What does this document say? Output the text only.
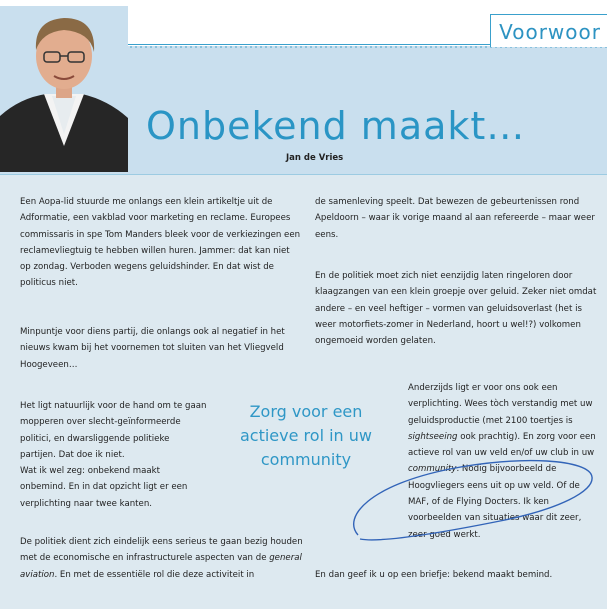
Voorwoor
Onbekend maakt…
Jan de Vries

Een Aopa-lid stuurde me onlangs een klein artikeltje uit de Adformatie, een vakblad voor marketing en reclame. Europees commissaris in spe Tom Manders bleek voor de verkiezingen een reclamevliegtuig te hebben willen huren. Jammer: dat kan niet op zondag. Verboden wegens geluidshinder. En dat wist de politicus niet.

Minpuntje voor diens partij, die onlangs ook al negatief in het nieuws kwam bij het voornemen tot sluiten van het Vliegveld Hoogeveen…

Het ligt natuurlijk voor de hand om te gaan mopperen over slecht-geïnformeerde politici, en dwarsliggende politieke partijen. Dat doe ik niet.

Wat ik wel zeg: onbekend maakt onbemind. En in dat opzicht ligt er een verplichting naar twee kanten.

De politiek dient zich eindelijk eens serieus te gaan bezig houden met de economische en infrastructurele aspecten van de general aviation. En met de essentiële rol die deze activiteit in

de samenleving speelt. Dat bewezen de gebeurtenissen rond Apeldoorn – waar ik vorige maand al aan refereerde – maar weer eens.

En de politiek moet zich niet eenzijdig laten ringeloren door klaagzangen van een klein groepje over geluid. Zeker niet omdat andere – en veel heftiger – vormen van geluidsoverlast (het is weer motorfiets-zomer in Nederland, hoort u wel!?) volkomen ongemoeid worden gelaten.

Anderzijds ligt er voor ons ook een verplichting. Wees tòch verstandig met uw geluidsproductie (met 2100 toertjes is sightseeing ook prachtig). En zorg voor een actieve rol van uw veld en/of uw club in uw community. Nodig bijvoorbeeld de Hoogvliegers eens uit op uw veld. Of de MAF, of de Flying Docters. Ik ken voorbeelden van situaties waar dit zeer, zeer goed werkt.

En dan geef ik u op een briefje: bekend maakt bemind.

Zorg voor een
actieve rol in uw
community
